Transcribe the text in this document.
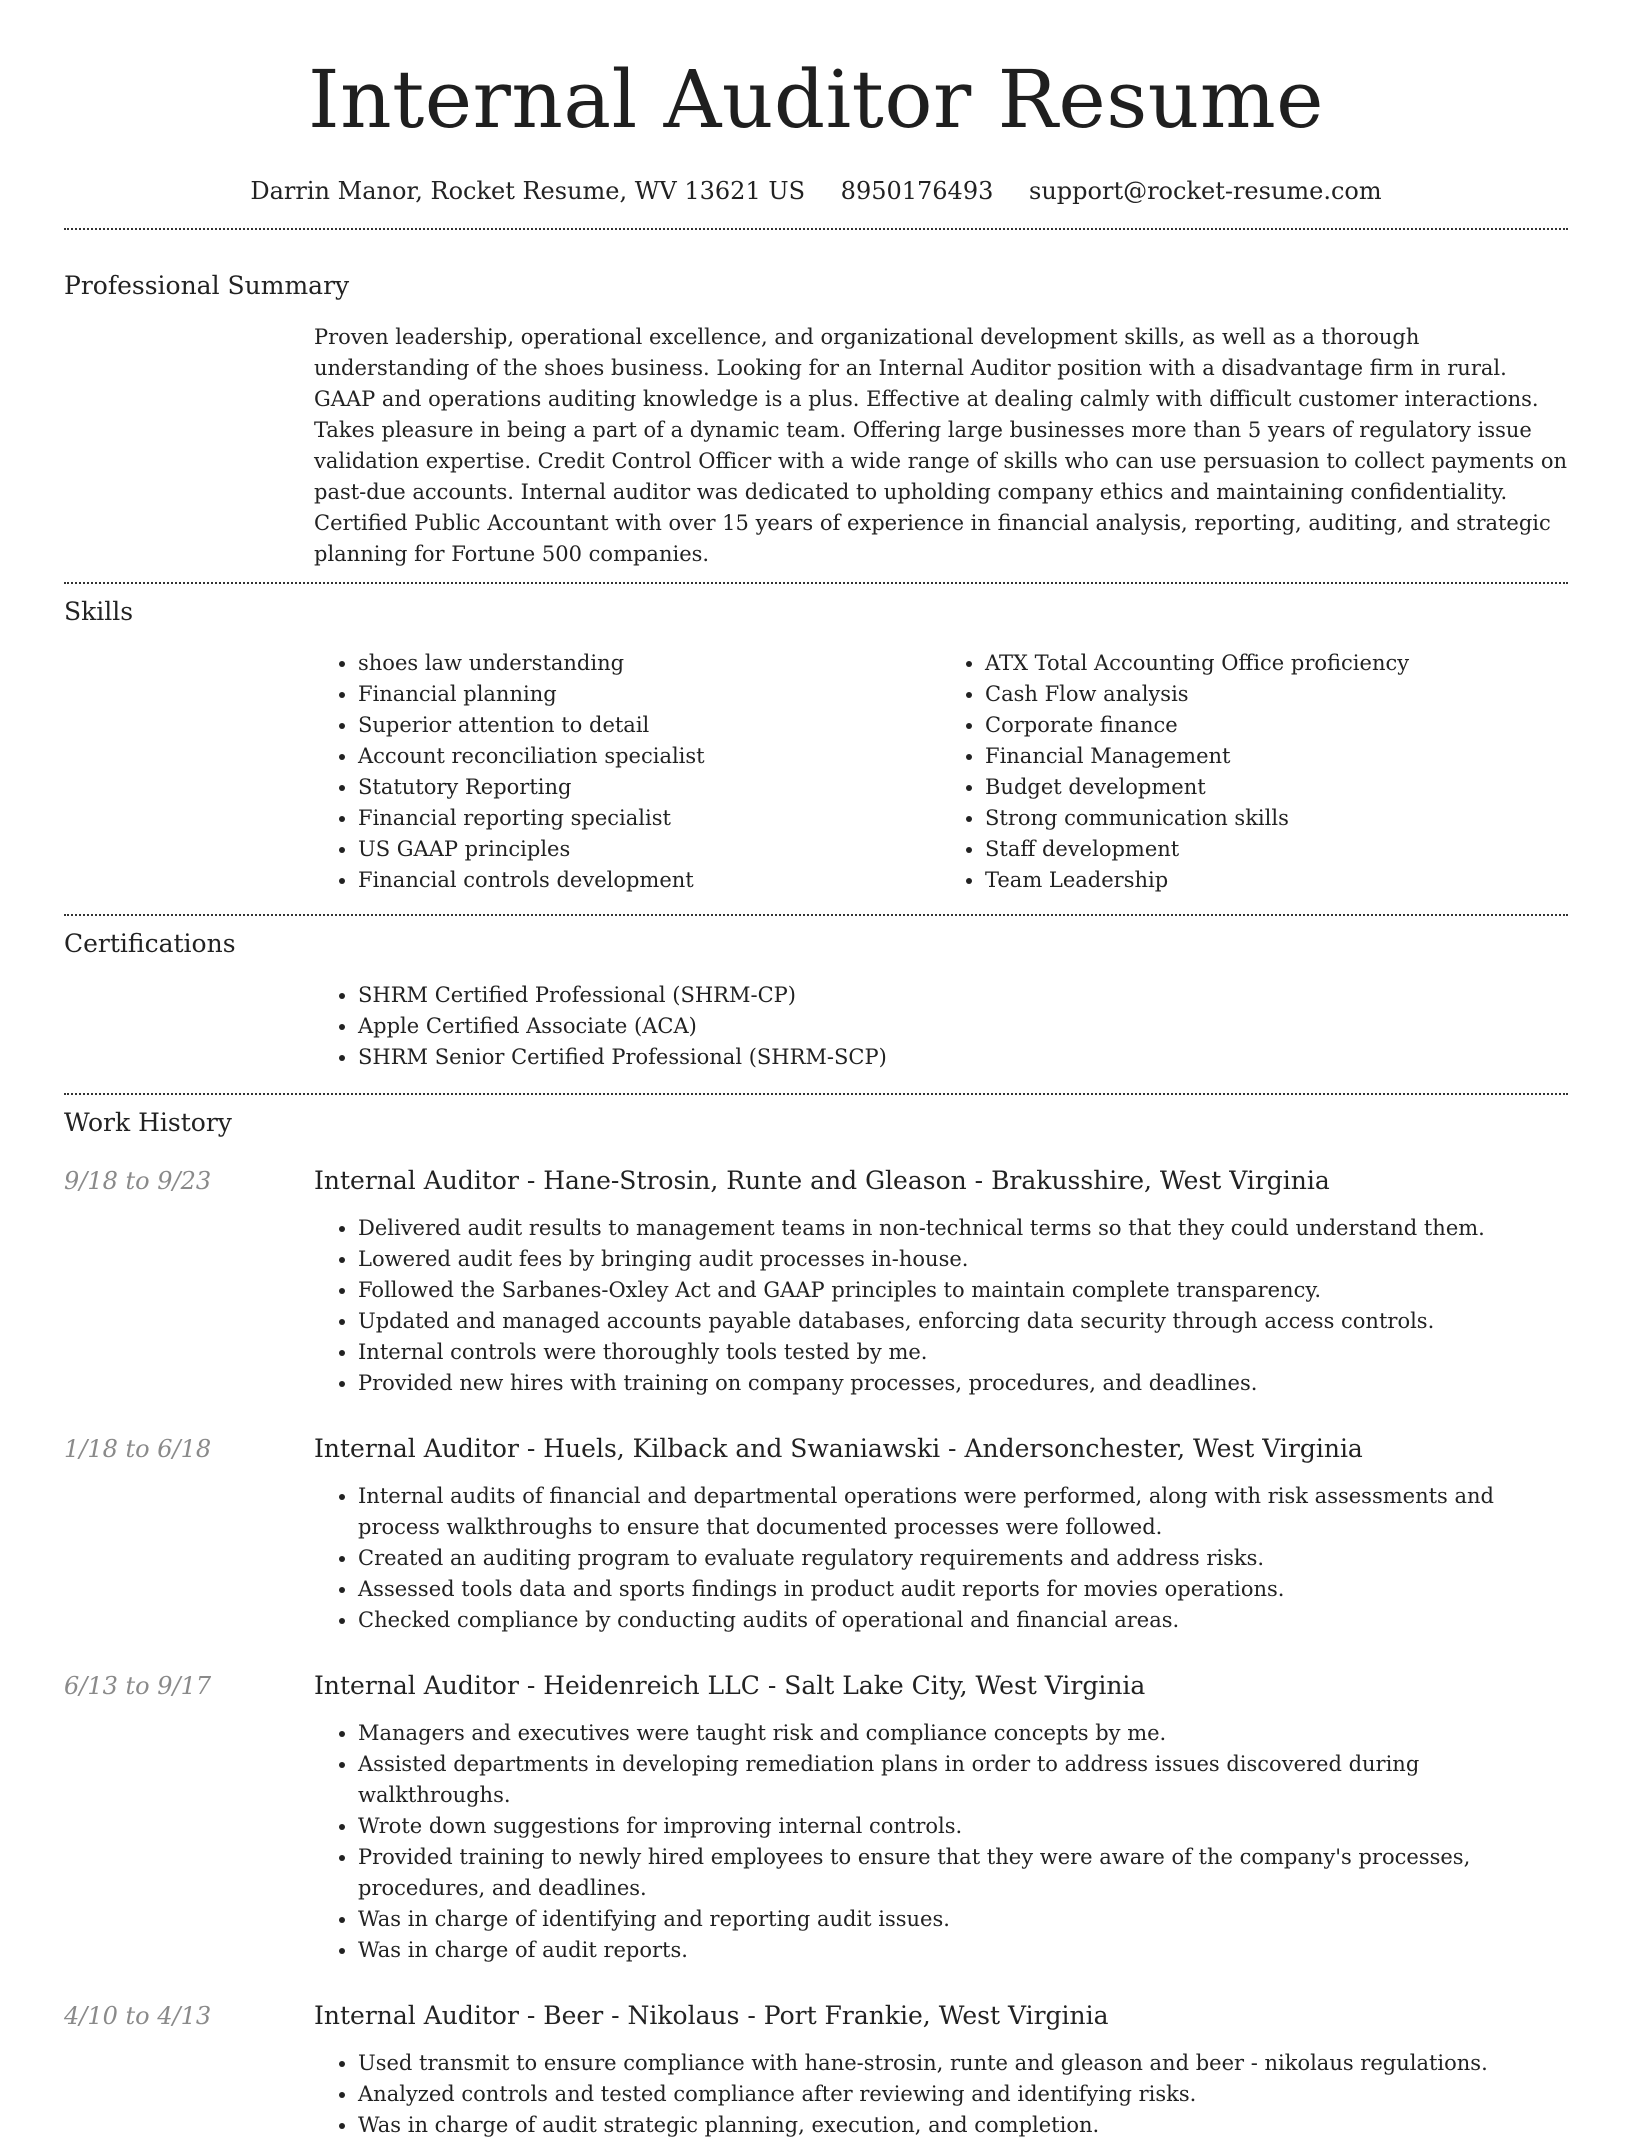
Internal Auditor Resume
Darrin Manor, Rocket Resume, WV 13621 US 8950176493 support@rocket-resume.com
Professional Summary

Proven leadership, operational excellence, and organizational development skills, as well as a thorough understanding of the shoes business. Looking for an Internal Auditor position with a disadvantage firm in rural. GAAP and operations auditing knowledge is a plus. Effective at dealing calmly with difficult customer interactions. Takes pleasure in being a part of a dynamic team. Offering large businesses more than 5 years of regulatory issue validation expertise. Credit Control Officer with a wide range of skills who can use persuasion to collect payments on past-due accounts. Internal auditor was dedicated to upholding company ethics and maintaining confidentiality. Certified Public Accountant with over 15 years of experience in financial analysis, reporting, auditing, and strategic planning for Fortune 500 companies.

Skills
• shoes law understanding
• Financial planning
• Superior attention to detail
• Account reconciliation specialist
• Statutory Reporting
• Financial reporting specialist
• US GAAP principles
• Financial controls development
• ATX Total Accounting Office proficiency
• Cash Flow analysis
• Corporate finance
• Financial Management
• Budget development
• Strong communication skills
• Staff development
• Team Leadership
Certifications
• SHRM Certified Professional (SHRM-CP)
• Apple Certified Associate (ACA)
• SHRM Senior Certified Professional (SHRM-SCP)
Work History
9/18 to 9/23	Internal Auditor - Hane-Strosin, Runte and Gleason - Brakusshire, West Virginia
• Delivered audit results to management teams in non-technical terms so that they could understand them.
• Lowered audit fees by bringing audit processes in-house.
• Followed the Sarbanes-Oxley Act and GAAP principles to maintain complete transparency.
• Updated and managed accounts payable databases, enforcing data security through access controls.
• Internal controls were thoroughly tools tested by me.
• Provided new hires with training on company processes, procedures, and deadlines.
1/18 to 6/18	Internal Auditor - Huels, Kilback and Swaniawski - Andersonchester, West Virginia
• Internal audits of financial and departmental operations were performed, along with risk assessments and process walkthroughs to ensure that documented processes were followed.
• Created an auditing program to evaluate regulatory requirements and address risks.
• Assessed tools data and sports findings in product audit reports for movies operations.
• Checked compliance by conducting audits of operational and financial areas.
6/13 to 9/17	Internal Auditor - Heidenreich LLC - Salt Lake City, West Virginia
• Managers and executives were taught risk and compliance concepts by me.
• Assisted departments in developing remediation plans in order to address issues discovered during walkthroughs.
• Wrote down suggestions for improving internal controls.
• Provided training to newly hired employees to ensure that they were aware of the company's processes, procedures, and deadlines.
• Was in charge of identifying and reporting audit issues.
• Was in charge of audit reports.
4/10 to 4/13	Internal Auditor - Beer - Nikolaus - Port Frankie, West Virginia
• Used transmit to ensure compliance with hane-strosin, runte and gleason and beer - nikolaus regulations.
• Analyzed controls and tested compliance after reviewing and identifying risks.
• Was in charge of audit strategic planning, execution, and completion.
